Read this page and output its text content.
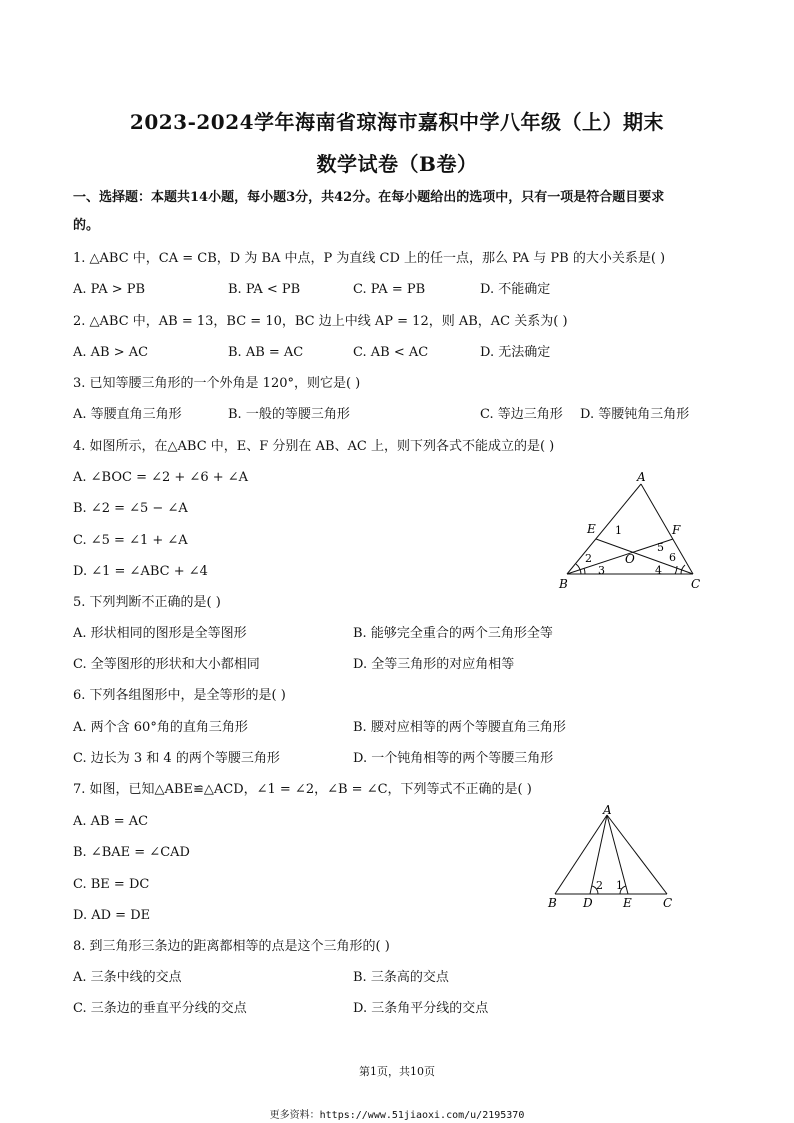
2023-2024学年海南省琼海市嘉积中学八年级（上）期末
数学试卷（B卷）
一、选择题：本题共14小题，每小题3分，共42分。在每小题给出的选项中，只有一项是符合题目要求
的。
1. △ABC 中，CA = CB，D 为 BA 中点，P 为直线 CD 上的任一点，那么 PA 与 PB 的大小关系是( )
A. PA > PB	B. PA < PB	C. PA = PB	D. 不能确定
2. △ABC 中，AB = 13，BC = 10，BC 边上中线 AP = 12，则 AB，AC 关系为( )
A. AB > AC	B. AB = AC	C. AB < AC	D. 无法确定
3. 已知等腰三角形的一个外角是 120°，则它是( )
A. 等腰直角三角形	B. 一般的等腰三角形	C. 等边三角形 D. 等腰钝角三角形
4. 如图所示，在△ABC 中，E、F 分别在 AB、AC 上，则下列各式不能成立的是( )
A. ∠BOC = ∠2 + ∠6 + ∠A
B. ∠2 = ∠5 − ∠A
C. ∠5 = ∠1 + ∠A
D. ∠1 = ∠ABC + ∠4
A
B	C
E	F
O
1
2
3	4
5
6
5. 下列判断不正确的是( )
A. 形状相同的图形是全等图形	B. 能够完全重合的两个三角形全等
C. 全等图形的形状和大小都相同	D. 全等三角形的对应角相等
6. 下列各组图形中，是全等形的是( )
A. 两个含 60°角的直角三角形	B. 腰对应相等的两个等腰直角三角形
C. 边长为 3 和 4 的两个等腰三角形	D. 一个钝角相等的两个等腰三角形
7. 如图，已知△ABE≌△ACD，∠1 = ∠2，∠B = ∠C，下列等式不正确的是( )
A. AB = AC
B. ∠BAE = ∠CAD
C. BE = DC
D. AD = DE
A
B D	E	C
2 1
8. 到三角形三条边的距离都相等的点是这个三角形的( )
A. 三条中线的交点	B. 三条高的交点
C. 三条边的垂直平分线的交点	D. 三条角平分线的交点
第1页，共10页
更多资料：https://www.51jiaoxi.com/u/2195370
